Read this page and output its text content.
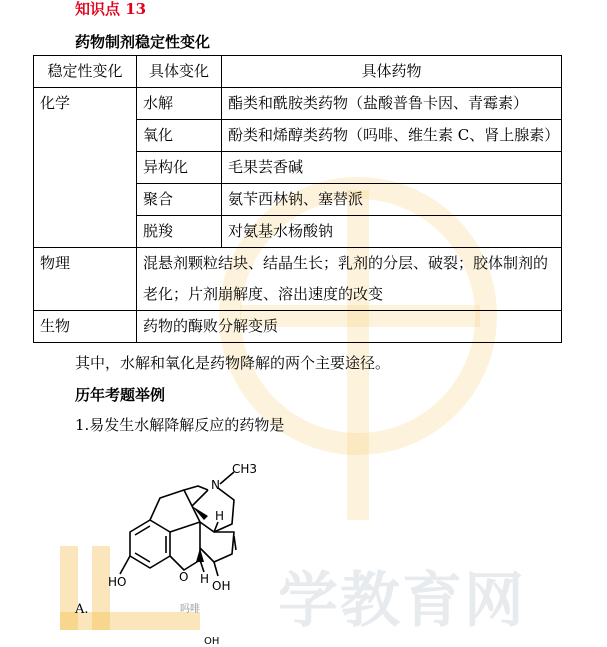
学教育网
知识点 13
药物制剂稳定性变化
稳定性变化	具体变化	具体药物
化学	水解	酯类和酰胺类药物（盐酸普鲁卡因、青霉素）
	氧化	酚类和烯醇类药物（吗啡、维生素 C、肾上腺素）
	异构化	毛果芸香碱
	聚合	氨苄西林钠、塞替派
	脱羧	对氨基水杨酸钠
物理	混悬剂颗粒结块、结晶生长；乳剂的分层、破裂；胶体制剂的老化；片剂崩解度、溶出速度的改变	
生物	药物的酶败分解变质	
其中，水解和氧化是药物降解的两个主要途径。
历年考题举例
1.易发生水解降解反应的药物是
N
CH3
O
HO	OH
H
H
吗啡
A.
OH
